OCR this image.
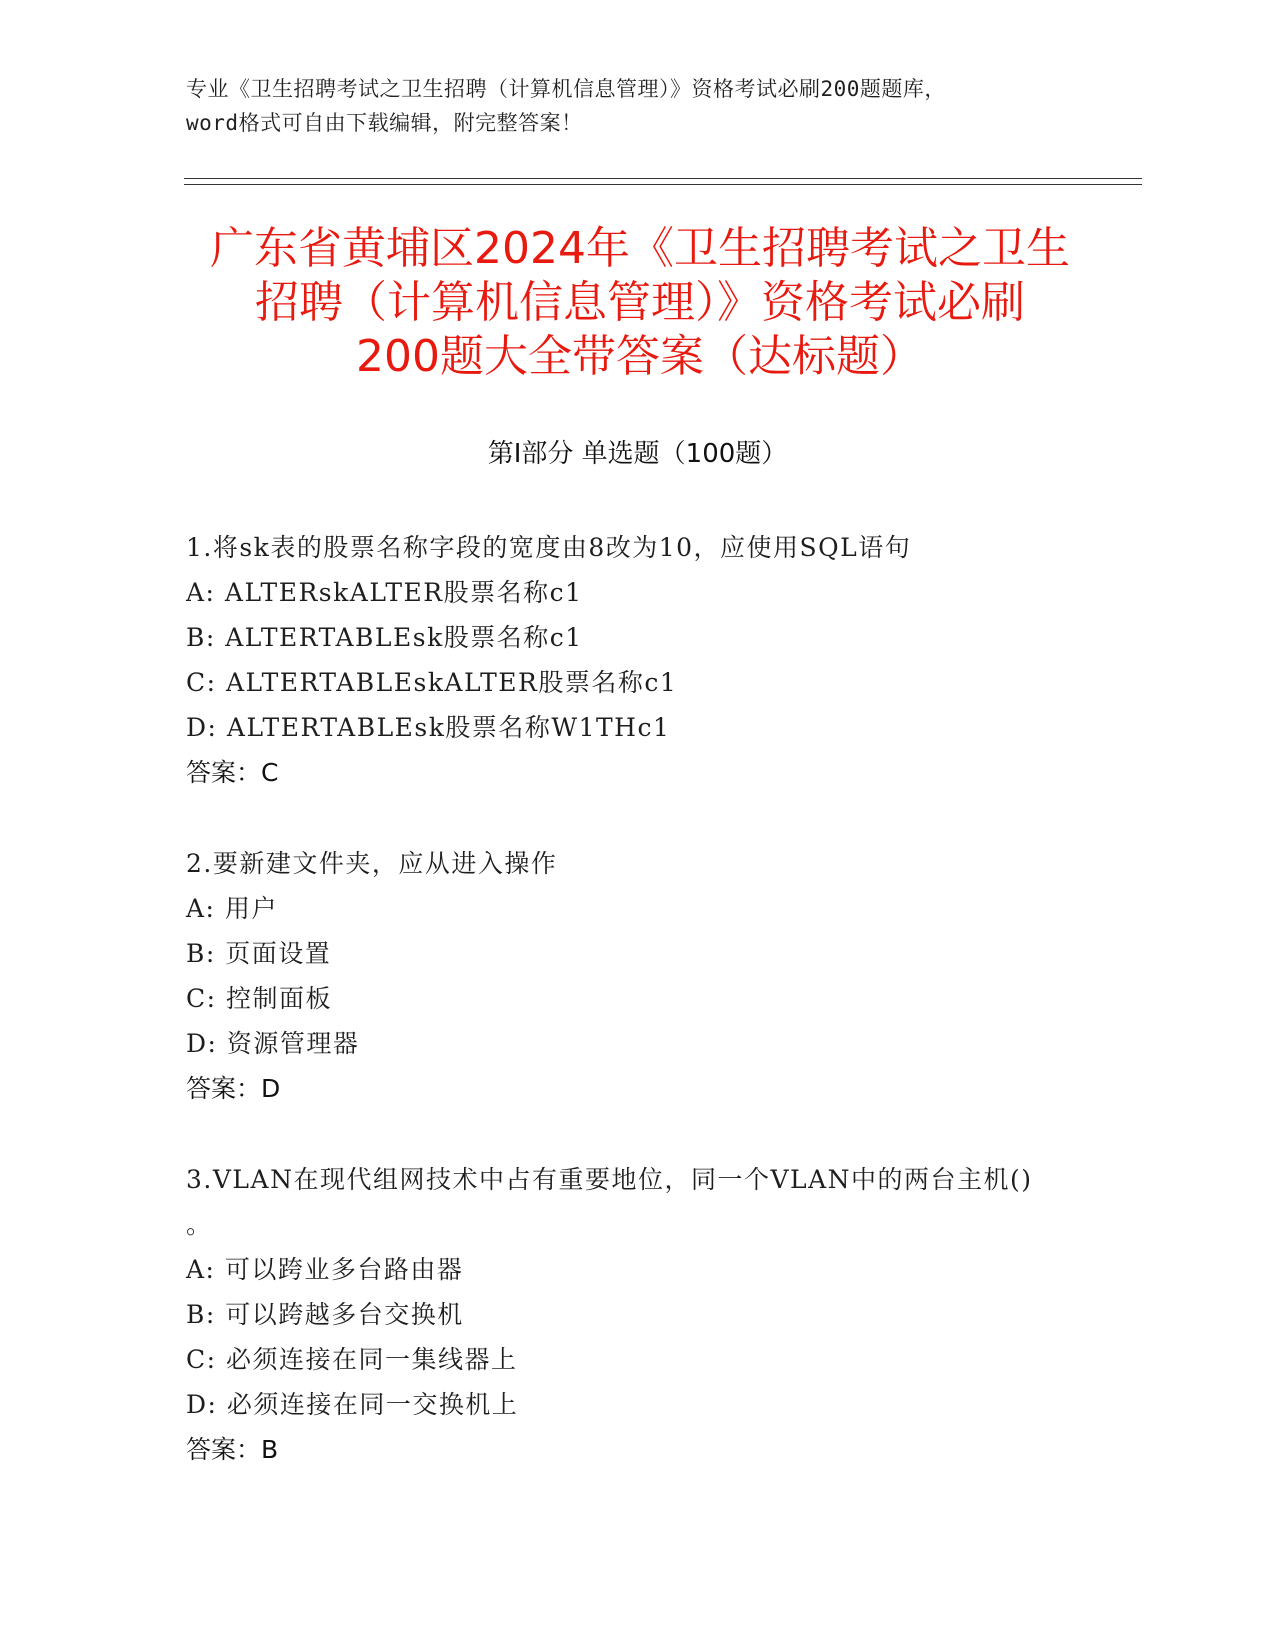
专业《卫生招聘考试之卫生招聘（计算机信息管理）》资格考试必刷200题题库，
word格式可自由下载编辑，附完整答案！
广东省黄埔区2024年《卫生招聘考试之卫生
招聘（计算机信息管理）》资格考试必刷
200题大全带答案（达标题）
第Ⅰ部分 单选题（100题）
1.将sk表的股票名称字段的宽度由8改为10，应使用SQL语句
A: ALTERskALTER股票名称c1
B: ALTERTABLEsk股票名称c1
C: ALTERTABLEskALTER股票名称c1
D: ALTERTABLEsk股票名称W1THc1
答案：C
2.要新建文件夹，应从进入操作
A: 用户
B: 页面设置
C: 控制面板
D: 资源管理器
答案：D
3.VLAN在现代组网技术中占有重要地位，同一个VLAN中的两台主机()
。
A: 可以跨业多台路由器
B: 可以跨越多台交换机
C: 必须连接在同一集线器上
D: 必须连接在同一交换机上
答案：B
